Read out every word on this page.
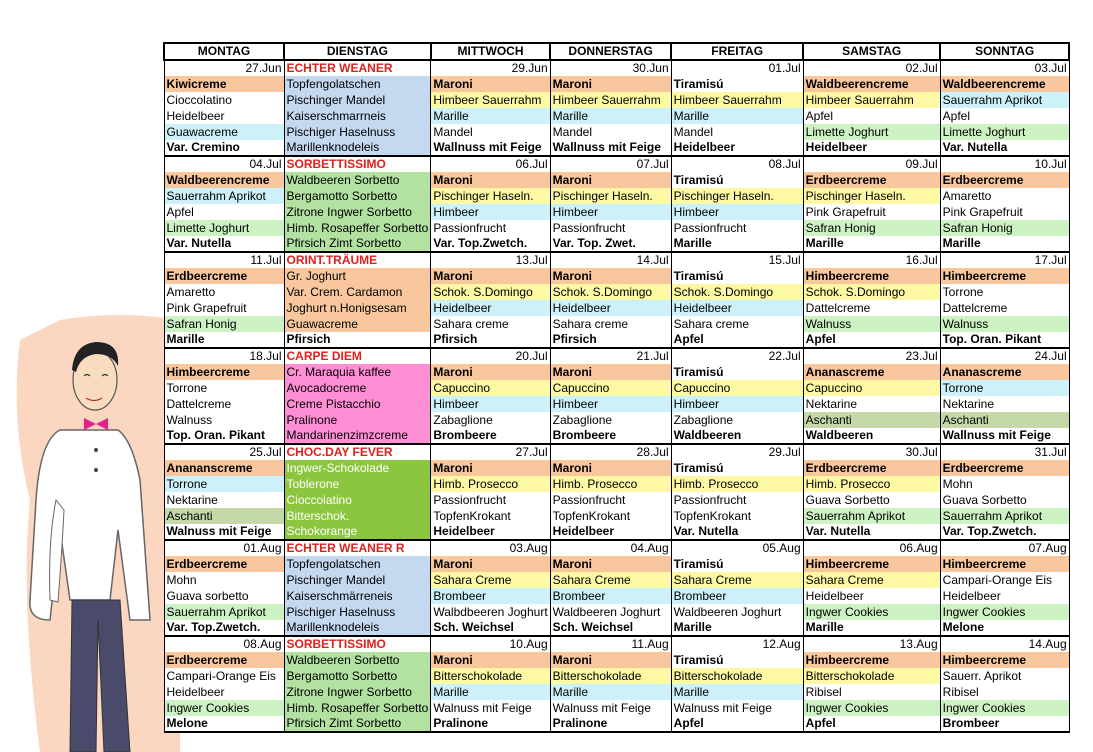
MONTAG	DIENSTAG	MITTWOCH	DONNERSTAG	FREITAG	SAMSTAG	SONNTAG
27.Jun	ECHTER WEANER	29.Jun	30.Jun	01.Jul	02.Jul	03.Jul
Kiwicreme	Topfengolatschen	Maroni	Maroni	Tiramisú	Waldbeerencreme	Waldbeerencreme
Cioccolatino	Pischinger Mandel	Himbeer Sauerrahm	Himbeer Sauerrahm	Himbeer Sauerrahm	Himbeer Sauerrahm	Sauerrahm Aprikot
Heidelbeer	Kaiserschmarrneis	Marille	Marille	Marille	Apfel	Apfel
Guawacreme	Pischiger Haselnuss	Mandel	Mandel	Mandel	Limette Joghurt	Limette Joghurt
Var. Cremino	Marillenknodeleis	Wallnuss mit Feige	Wallnuss mit Feige	Heidelbeer	Heidelbeer	Var. Nutella
04.Jul	SORBETTISSIMO	06.Jul	07.Jul	08.Jul	09.Jul	10.Jul
Waldbeerencreme	Waldbeeren Sorbetto	Maroni	Maroni	Tiramisú	Erdbeercreme	Erdbeercreme
Sauerrahm Aprikot	Bergamotto Sorbetto	Pischinger Haseln.	Pischinger Haseln.	Pischinger Haseln.	Pischinger Haseln.	Amaretto
Apfel	Zitrone Ingwer Sorbetto	Himbeer	Himbeer	Himbeer	Pink Grapefruit	Pink Grapefruit
Limette Joghurt	Himb. Rosapeffer Sorbetto	Passionfrucht	Passionfrucht	Passionfrucht	Safran Honig	Safran Honig
Var. Nutella	Pfirsich Zimt Sorbetto	Var. Top.Zwetch.	Var. Top. Zwet.	Marille	Marille	Marille
11.Jul	ORINT.TRÄUME	13.Jul	14.Jul	15.Jul	16.Jul	17.Jul
Erdbeercreme	Gr. Joghurt	Maroni	Maroni	Tiramisú	Himbeercreme	Himbeercreme
Amaretto	Var. Crem. Cardamon	Schok. S.Domingo	Schok. S.Domingo	Schok. S.Domingo	Schok. S.Domingo	Torrone
Pink Grapefruit	Joghurt n.Honigsesam	Heidelbeer	Heidelbeer	Heidelbeer	Dattelcreme	Dattelcreme
Safran Honig	Guawacreme	Sahara creme	Sahara creme	Sahara creme	Walnuss	Walnuss
Marille	Pfirsich	Pfirsich	Pfirsich	Apfel	Apfel	Top. Oran. Pikant
18.Jul	CARPE DIEM	20.Jul	21.Jul	22.Jul	23.Jul	24.Jul
Himbeercreme	Cr. Maraquia kaffee	Maroni	Maroni	Tiramisú	Ananascreme	Ananascreme
Torrone	Avocadocreme	Capuccino	Capuccino	Capuccino	Capuccino	Torrone
Dattelcreme	Creme Pistacchio	Himbeer	Himbeer	Himbeer	Nektarine	Nektarine
Walnuss	Pralinone	Zabaglione	Zabaglione	Zabaglione	Aschanti	Aschanti
Top. Oran. Pikant	Mandarinenzimzcreme	Brombeere	Brombeere	Waldbeeren	Waldbeeren	Wallnuss mit Feige
25.Jul	CHOC.DAY FEVER	27.Jul	28.Jul	29.Jul	30.Jul	31.Jul
Anananscreme	Ingwer-Schokolade	Maroni	Maroni	Tiramisú	Erdbeercreme	Erdbeercreme
Torrone	Toblerone	Himb. Prosecco	Himb. Prosecco	Himb. Prosecco	Himb. Prosecco	Mohn
Nektarine	Cioccolatino	Passionfrucht	Passionfrucht	Passionfrucht	Guava Sorbetto	Guava Sorbetto
Aschanti	Bitterschok.	TopfenKrokant	TopfenKrokant	TopfenKrokant	Sauerrahm Aprikot	Sauerrahm Aprikot
Walnuss mit Feige	Schokorange	Heidelbeer	Heidelbeer	Var. Nutella	Var. Nutella	Var. Top.Zwetch.
01.Aug	ECHTER WEANER R	03.Aug	04.Aug	05.Aug	06.Aug	07.Aug
Erdbeercreme	Topfengolatschen	Maroni	Maroni	Tiramisú	Himbeercreme	Himbeercreme
Mohn	Pischinger Mandel	Sahara Creme	Sahara Creme	Sahara Creme	Sahara Creme	Campari-Orange Eis
Guava sorbetto	Kaiserschmärreneis	Brombeer	Brombeer	Brombeer	Heidelbeer	Heidelbeer
Sauerrahm Aprikot	Pischiger Haselnuss	Walbdbeeren Joghurt	Waldbeeren Joghurt	Waldbeeren Joghurt	Ingwer Cookies	Ingwer Cookies
Var. Top.Zwetch.	Marillenknodeleis	Sch. Weichsel	Sch. Weichsel	Marille	Marille	Melone
08.Aug	SORBETTISSIMO	10.Aug	11.Aug	12.Aug	13.Aug	14.Aug
Erdbeercreme	Waldbeeren Sorbetto	Maroni	Maroni	Tiramisú	Himbeercreme	Himbeercreme
Campari-Orange Eis	Bergamotto Sorbetto	Bitterschokolade	Bitterschokolade	Bitterschokolade	Bitterschokolade	Sauerr. Aprikot
Heidelbeer	Zitrone Ingwer Sorbetto	Marille	Marille	Marille	Ribisel	Ribisel
Ingwer Cookies	Himb. Rosapeffer Sorbetto	Walnuss mit Feige	Walnuss mit Feige	Walnuss mit Feige	Ingwer Cookies	Ingwer Cookies
Melone	Pfirsich Zimt Sorbetto	Pralinone	Pralinone	Apfel	Apfel	Brombeer
